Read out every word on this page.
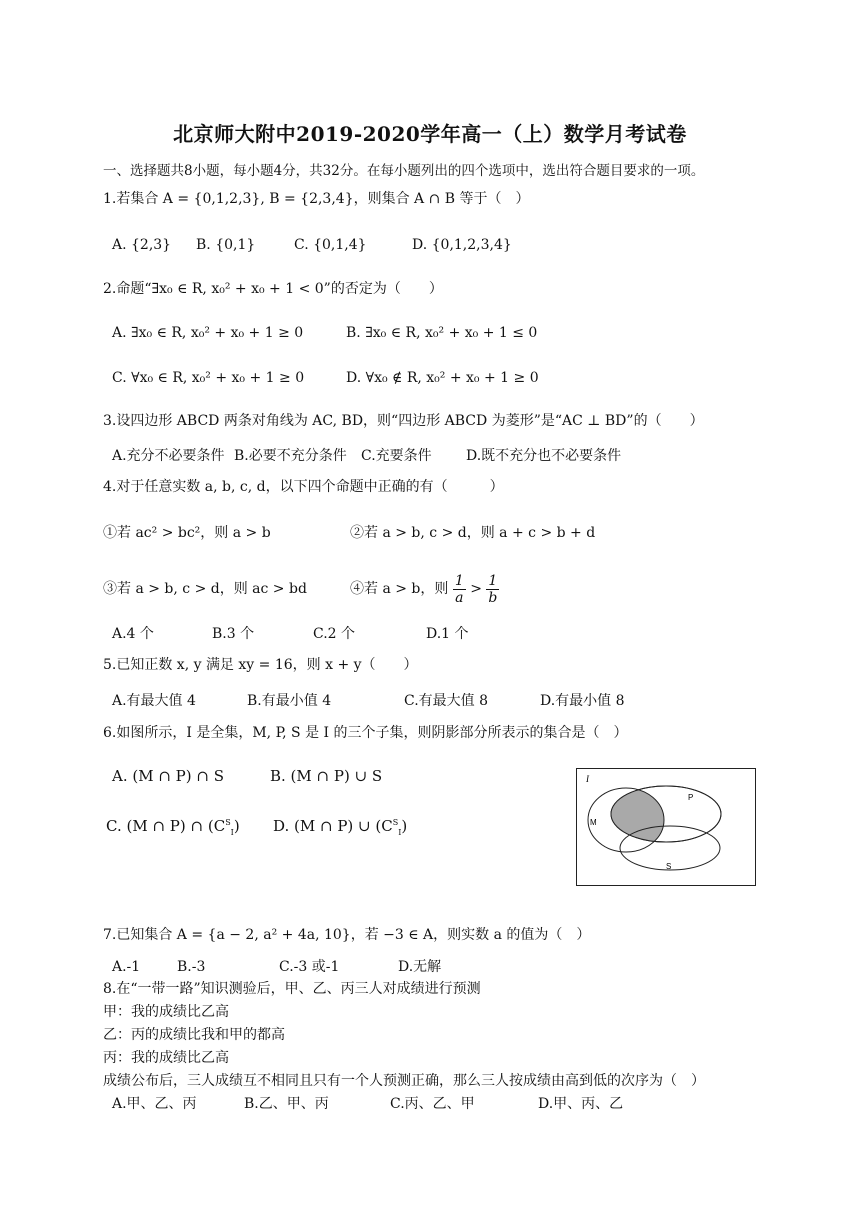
北京师大附中2019-2020学年高一（上）数学月考试卷
一、选择题共8小题，每小题4分，共32分。在每小题列出的四个选项中，选出符合题目要求的一项。
1.若集合 A = {0,1,2,3}, B = {2,3,4}，则集合 A ∩ B 等于（　）
A. {2,3} B. {0,1}	C. {0,1,4}	D. {0,1,2,3,4}
2.命题“∃x₀ ∈ R, x₀² + x₀ + 1 < 0”的否定为（　　）
A. ∃x₀ ∈ R, x₀² + x₀ + 1 ≥ 0	B. ∃x₀ ∈ R, x₀² + x₀ + 1 ≤ 0
C. ∀x₀ ∈ R, x₀² + x₀ + 1 ≥ 0	D. ∀x₀ ∉ R, x₀² + x₀ + 1 ≥ 0
3.设四边形 ABCD 两条对角线为 AC, BD，则“四边形 ABCD 为菱形”是“AC ⊥ BD”的（　　）
A.充分不必要条件 B.必要不充分条件 C.充要条件 D.既不充分也不必要条件
4.对于任意实数 a, b, c, d，以下四个命题中正确的有（　　　）
①若 ac² > bc²，则 a > b	②若 a > b, c > d，则 a + c > b + d
③若 a > b, c > d，则 ac > bd	④若 a > b，则 $\frac{1}{a} > \frac{1}{b}$
A.4 个	B.3 个	C.2 个	D.1 个
5.已知正数 x, y 满足 xy = 16，则 x + y（　　）
A.有最大值 4	B.有最小值 4	C.有最大值 8	D.有最小值 8
6.如图所示，I 是全集，M, P, S 是 I 的三个子集，则阴影部分所表示的集合是（　）
A. (M ∩ P) ∩ S	B. (M ∩ P) ∪ S
C. (M ∩ P) ∩ $(C^S_I)$ D. (M ∩ P) ∪ $(C^S_I)$
I
M
P
S
7.已知集合 A = {a − 2, a² + 4a, 10}，若 −3 ∈ A，则实数 a 的值为（　）
A.-1	B.-3	C.-3 或-1	D.无解
8.在“一带一路”知识测验后，甲、乙、丙三人对成绩进行预测
甲：我的成绩比乙高
乙：丙的成绩比我和甲的都高
丙：我的成绩比乙高
成绩公布后，三人成绩互不相同且只有一个人预测正确，那么三人按成绩由高到低的次序为（　）
A.甲、乙、丙	B.乙、甲、丙	C.丙、乙、甲	D.甲、丙、乙
